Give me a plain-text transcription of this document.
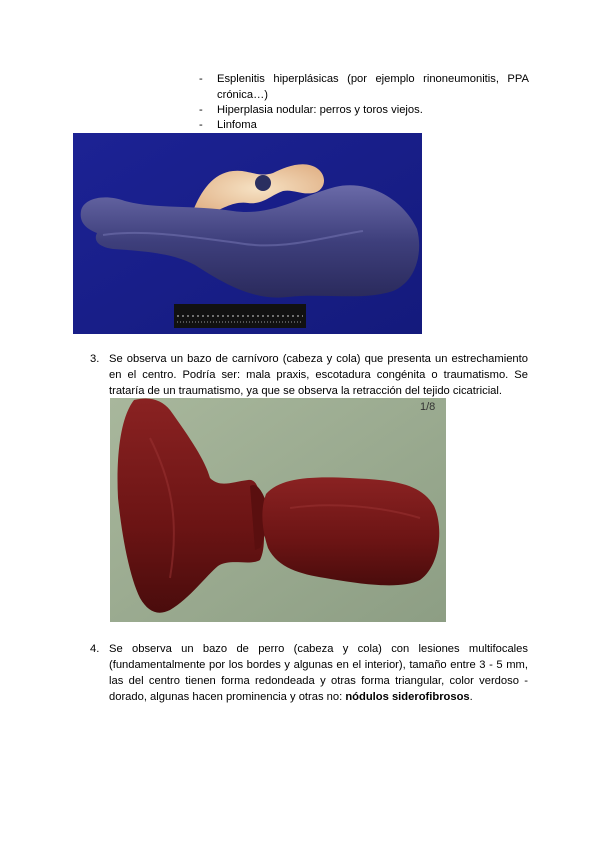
- Esplenitis hiperplásicas (por ejemplo rinoneumonitis, PPA crónica…)
- Hiperplasia nodular: perros y toros viejos.
- Linfoma
3. Se observa un bazo de carnívoro (cabeza y cola) que presenta un estrechamiento en el centro. Podría ser: mala praxis, escotadura congénita o traumatismo. Se trataría de un traumatismo, ya que se observa la retracción del tejido cicatricial.
1/8
4. Se observa un bazo de perro (cabeza y cola) con lesiones multifocales (fundamentalmente por los bordes y algunas en el interior), tamaño entre 3 - 5 mm, las del centro tienen forma redondeada y otras forma triangular, color verdoso - dorado, algunas hacen prominencia y otras no: nódulos siderofibrosos.
